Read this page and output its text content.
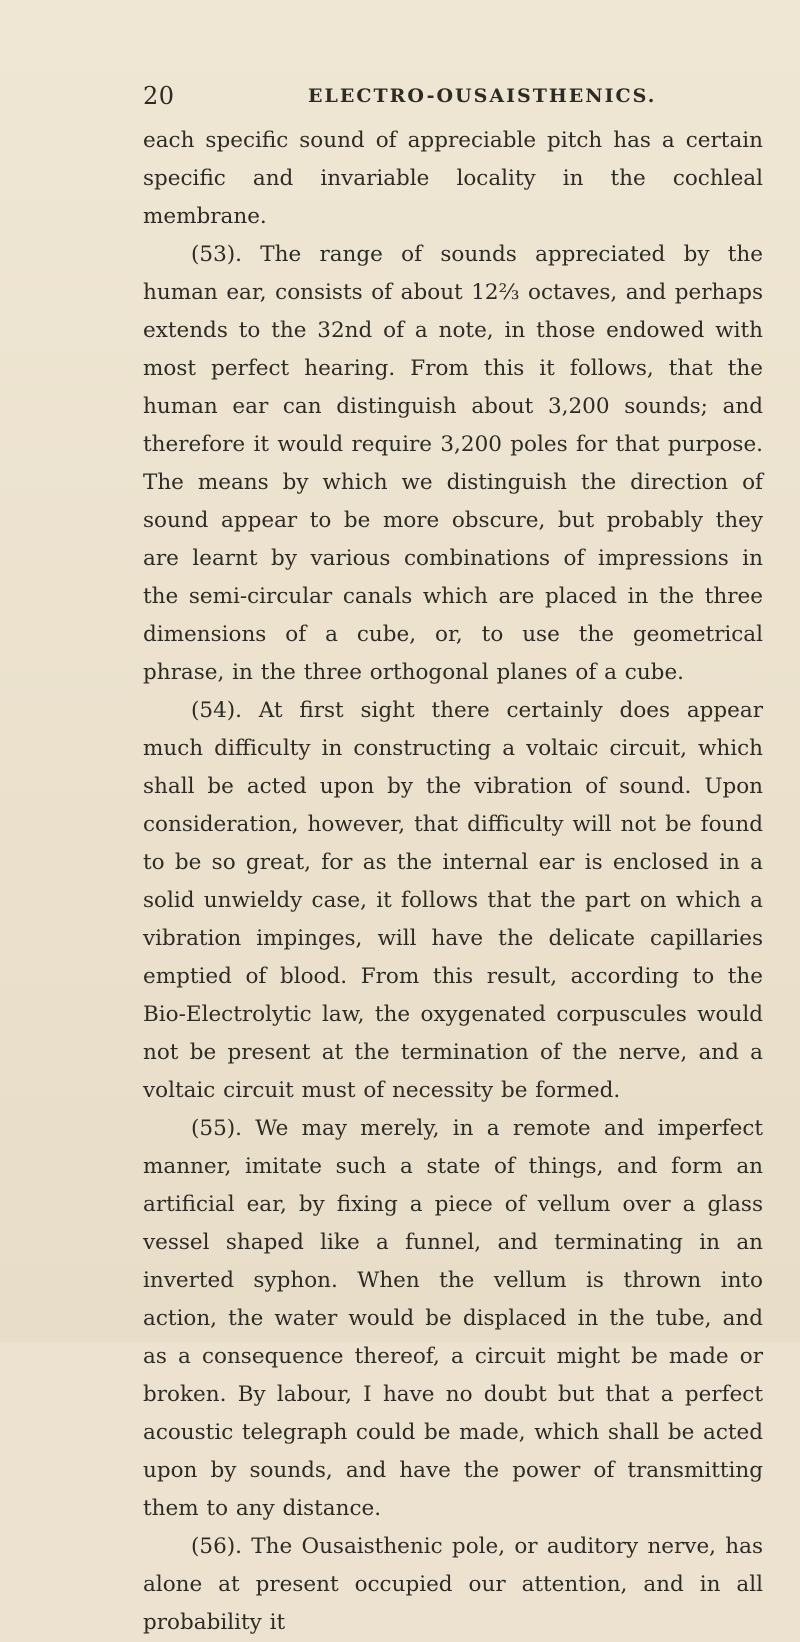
20	ELECTRO-OUSAISTHENICS.

each specific sound of appreciable pitch has a certain specific and invariable locality in the cochleal membrane.

(53). The range of sounds appreciated by the human ear, consists of about 12⅔ octaves, and perhaps extends to the 32nd of a note, in those endowed with most perfect hearing. From this it follows, that the human ear can distinguish about 3,200 sounds; and therefore it would require 3,200 poles for that purpose. The means by which we distinguish the direction of sound appear to be more obscure, but probably they are learnt by various combinations of impressions in the semi-circular canals which are placed in the three dimensions of a cube, or, to use the geometrical phrase, in the three orthogonal planes of a cube.

(54). At first sight there certainly does appear much difficulty in constructing a voltaic circuit, which shall be acted upon by the vibration of sound. Upon consideration, however, that difficulty will not be found to be so great, for as the internal ear is enclosed in a solid unwieldy case, it follows that the part on which a vibration impinges, will have the delicate capillaries emptied of blood. From this result, according to the Bio-Electrolytic law, the oxygenated corpuscules would not be present at the termination of the nerve, and a voltaic circuit must of necessity be formed.

(55). We may merely, in a remote and imperfect manner, imitate such a state of things, and form an artificial ear, by fixing a piece of vellum over a glass vessel shaped like a funnel, and terminating in an inverted syphon. When the vellum is thrown into action, the water would be displaced in the tube, and as a consequence thereof, a circuit might be made or broken. By labour, I have no doubt but that a perfect acoustic telegraph could be made, which shall be acted upon by sounds, and have the power of transmitting them to any distance.

(56). The Ousaisthenic pole, or auditory nerve, has alone at present occupied our attention, and in all probability it
